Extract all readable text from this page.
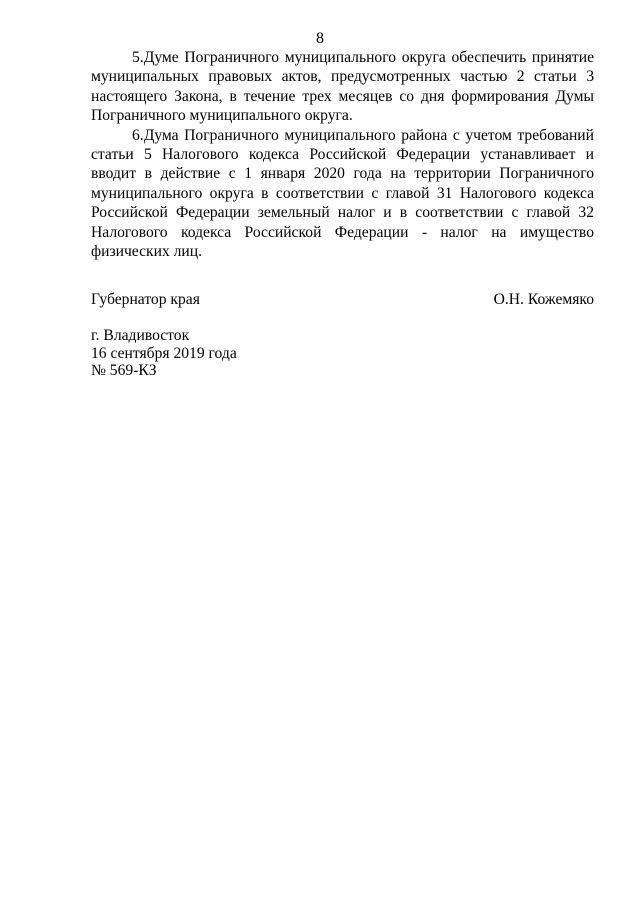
8

5.Думе Пограничного муниципального округа обеспечить принятие муниципальных правовых актов, предусмотренных частью 2 статьи 3 настоящего Закона, в течение трех месяцев со дня формирования Думы Пограничного муниципального округа.

6.Дума Пограничного муниципального района с учетом требований статьи 5 Налогового кодекса Российской Федерации устанавливает и вводит в действие с 1 января 2020 года на территории Пограничного муниципального округа в соответствии с главой 31 Налогового кодекса Российской Федерации земельный налог и в соответствии с главой 32 Налогового кодекса Российской Федерации - налог на имущество физических лиц.

Губернатор края	О.Н. Кожемяко
г. Владивосток
16 сентября 2019 года
№ 569-КЗ
